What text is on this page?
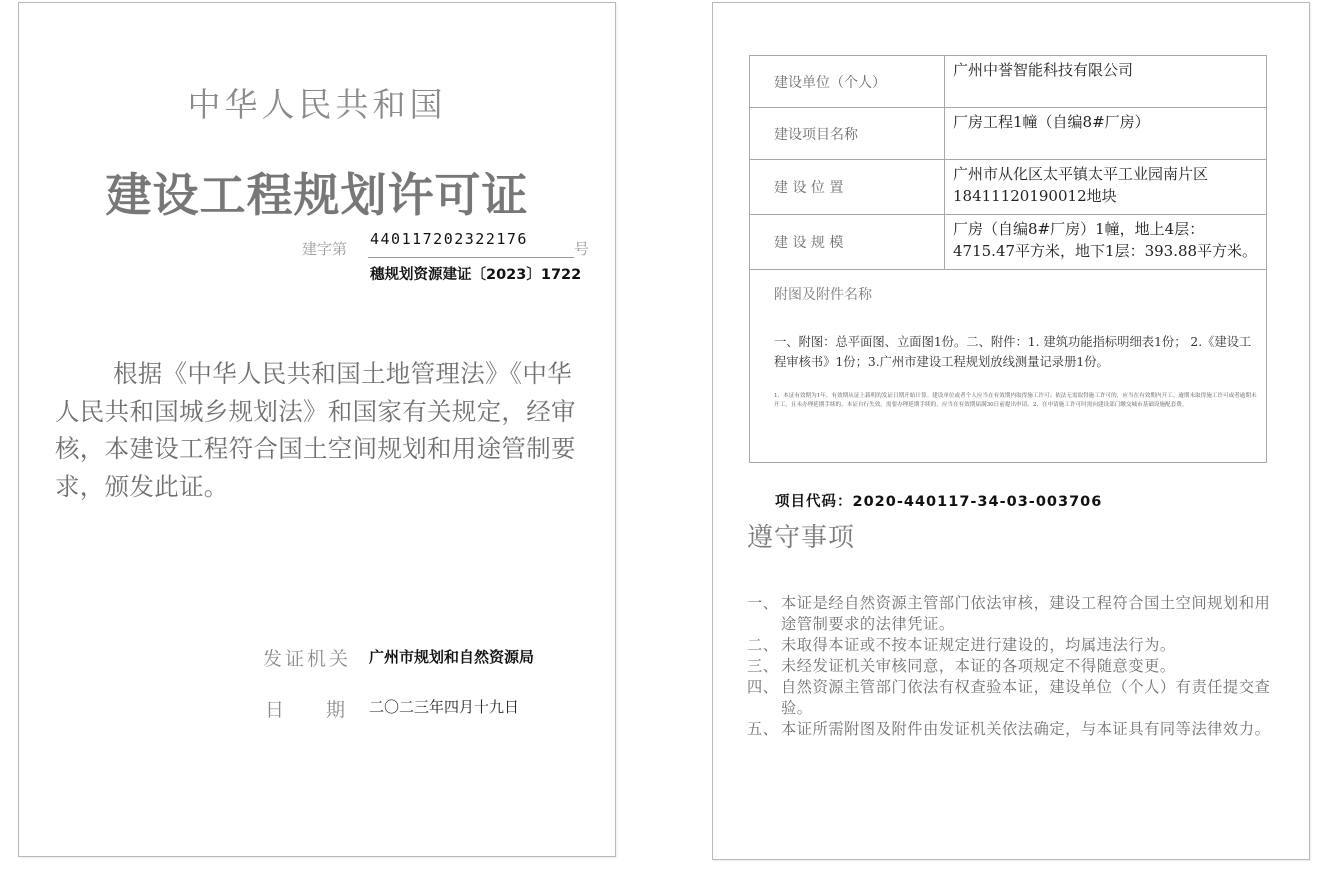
中华人民共和国
建设工程规划许可证
建字第
440117202322176
号
穗规划资源建证〔2023〕1722
根据《中华人民共和国土地管理法》《中华人民共和国城乡规划法》和国家有关规定，经审核，本建设工程符合国土空间规划和用途管制要求，颁发此证。
发证机关 广州市规划和自然资源局
日 期 二〇二三年四月十九日
建设单位（个人）	广州中誉智能科技有限公司
建设项目名称	厂房工程1幢（自编8#厂房）
建 设 位 置	广州市从化区太平镇太平工业园南片区18411120190012地块
建 设 规 模	厂房（自编8#厂房）1幢，地上4层：4715.47平方米，地下1层：393.88平方米。

附图及附件名称
一、附图：总平面图、立面图1份。二、附件：1. 建筑功能指标明细表1份； 2.《建设工程审核书》1份；3.广州市建设工程规划放线测量记录册1份。
1、本证有效期为1年，有效期从证上载明的发证日期开始计算。建设单位或者个人应当在有效期内取得施工许可；依法无需取得施工许可的，应当在有效期内开工。逾期未取得施工许可或者逾期未开工，且未办理延期手续的，本证自行失效。需要办理延期手续的，应当在有效期届满30日前提出申请。2、在申请施工许可时需向建设部门缴交城市基础设施配套费。	
项目代码：2020-440117-34-03-003706
遵守事项
一、 本证是经自然资源主管部门依法审核，建设工程符合国土空间规划和用途管制要求的法律凭证。
二、 未取得本证或不按本证规定进行建设的，均属违法行为。
三、 未经发证机关审核同意，本证的各项规定不得随意变更。
四、 自然资源主管部门依法有权查验本证，建设单位（个人）有责任提交查验。
五、 本证所需附图及附件由发证机关依法确定，与本证具有同等法律效力。
